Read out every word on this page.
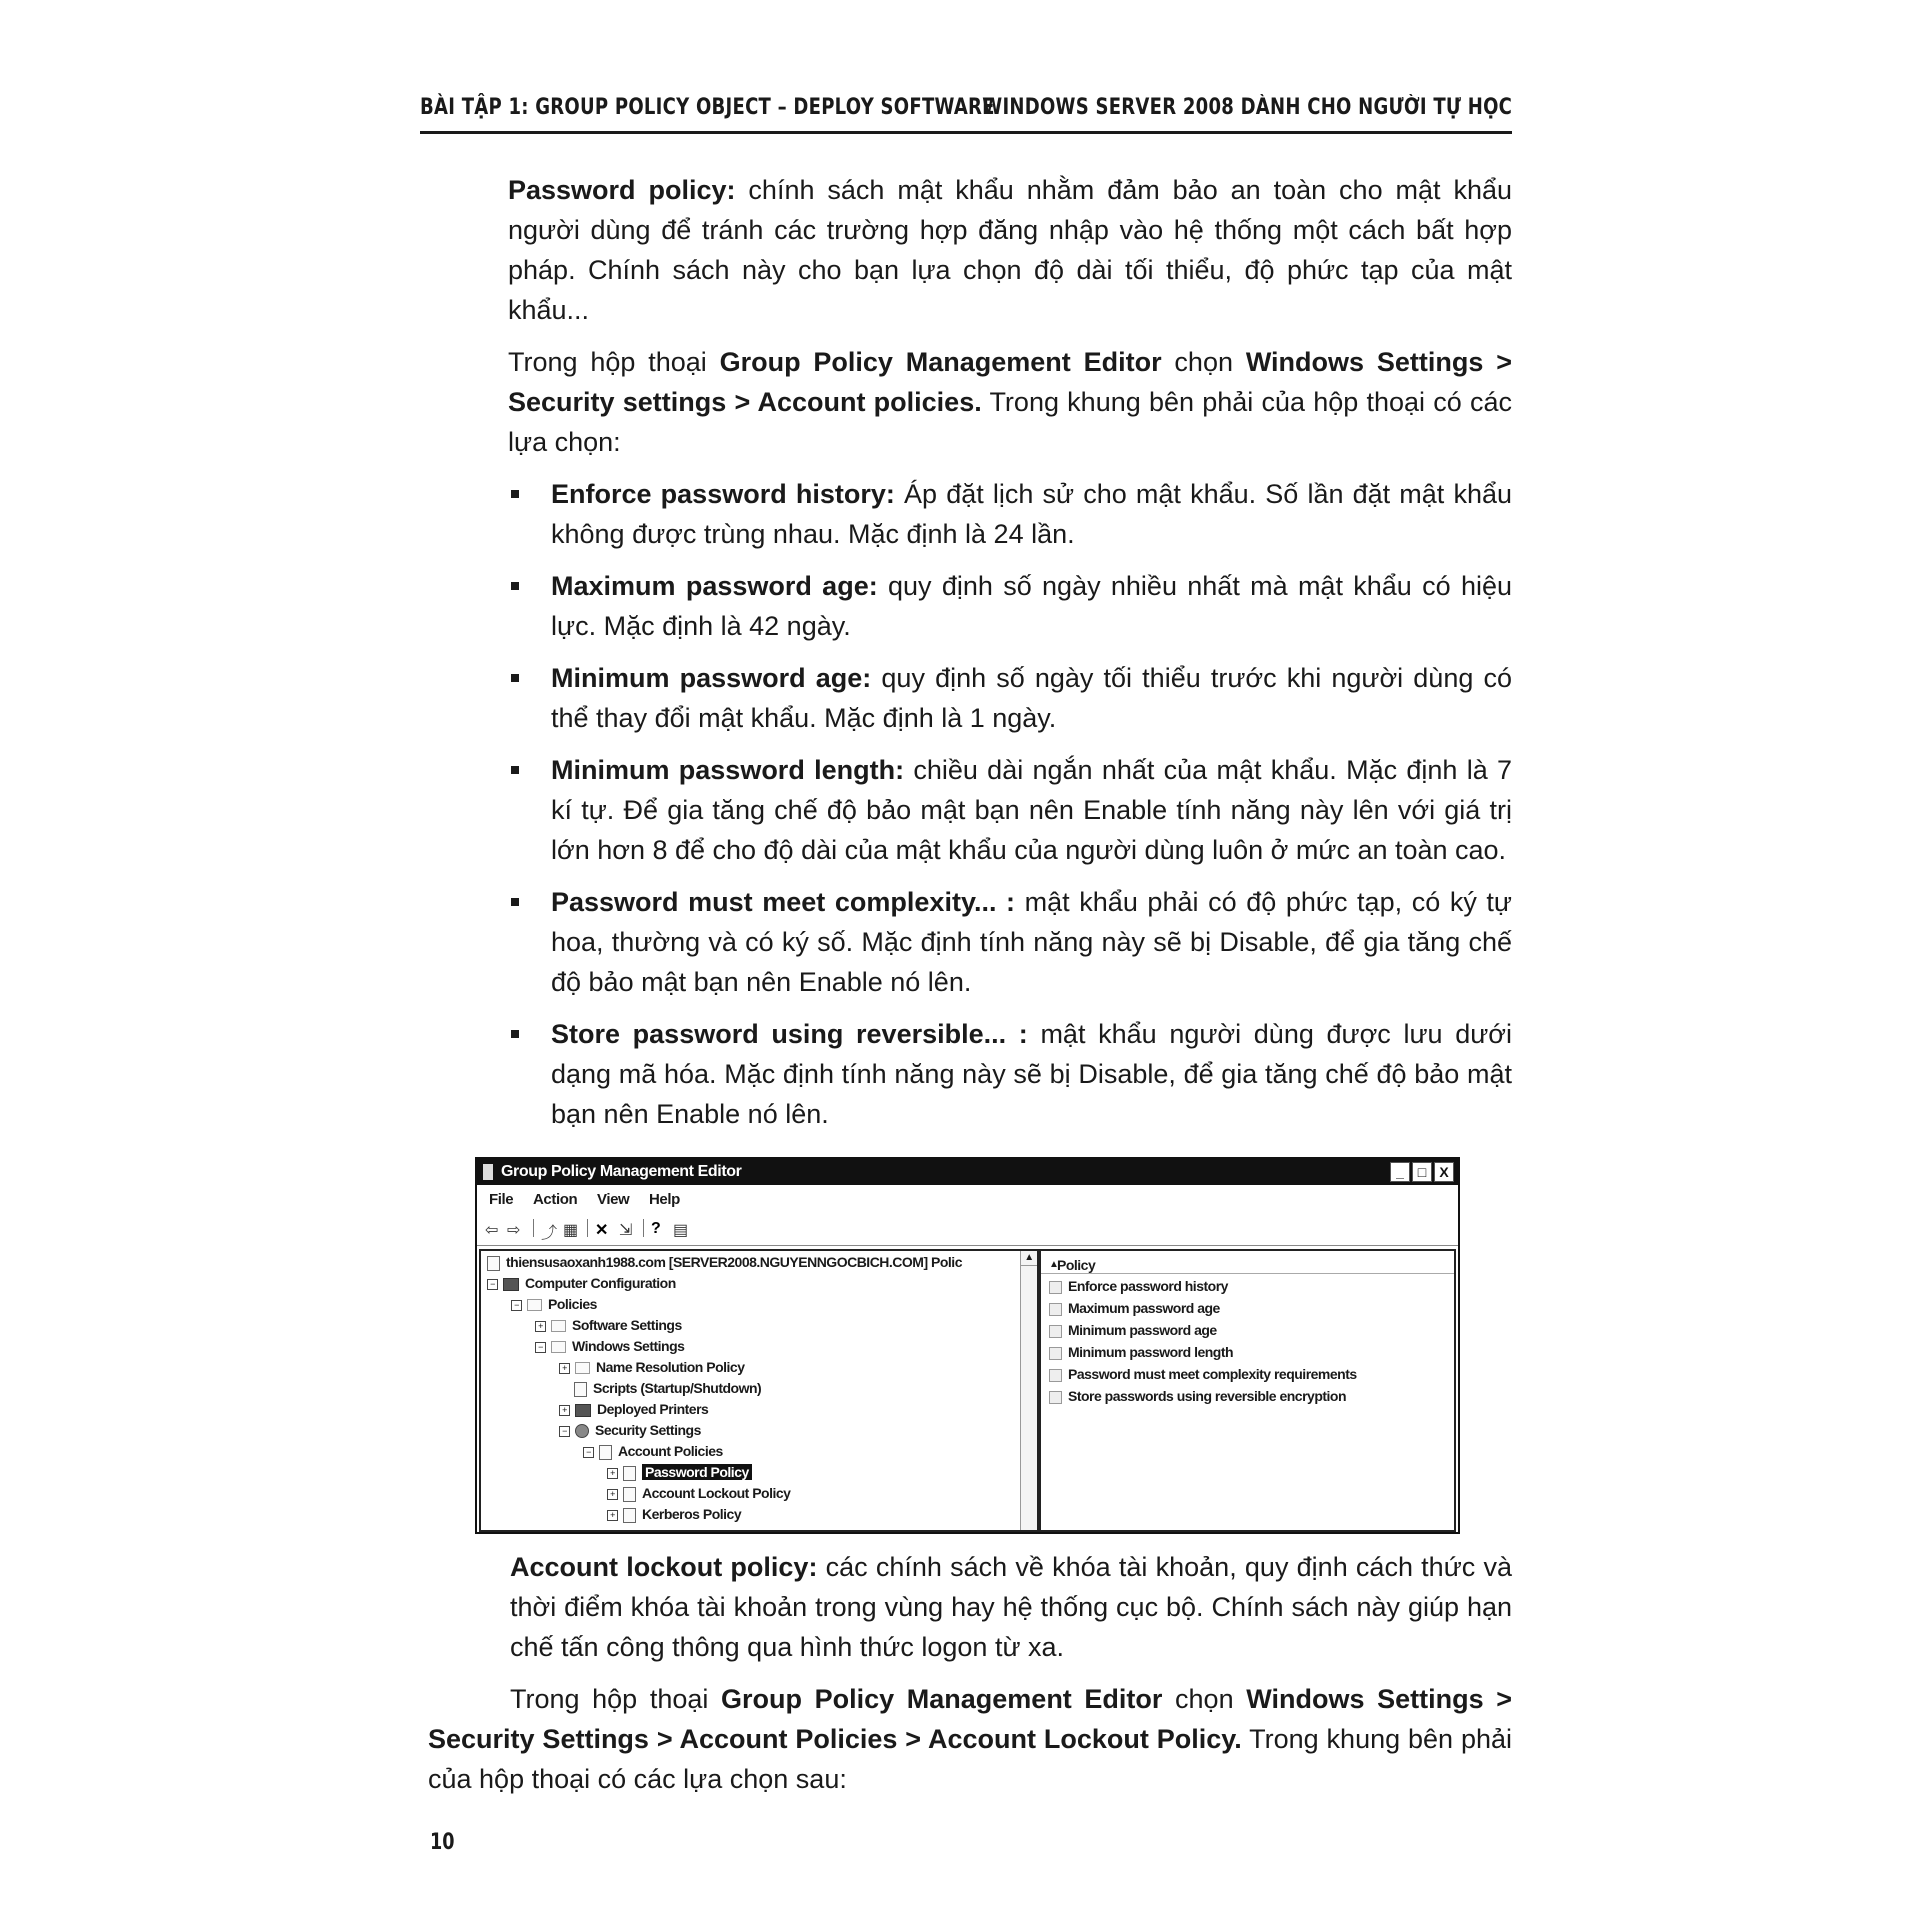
BÀI TẬP 1: GROUP POLICY OBJECT – DEPLOY SOFTWARE
WINDOWS SERVER 2008 DÀNH CHO NGƯỜI TỰ HỌC

Password policy: chính sách mật khẩu nhằm đảm bảo an toàn cho mật khẩu người dùng để tránh các trường hợp đăng nhập vào hệ thống một cách bất hợp pháp. Chính sách này cho bạn lựa chọn độ dài tối thiểu, độ phức tạp của mật khẩu...

Trong hộp thoại Group Policy Management Editor chọn Windows Settings > Security settings > Account policies. Trong khung bên phải của hộp thoại có các lựa chọn:

Enforce password history: Áp đặt lịch sử cho mật khẩu. Số lần đặt mật khẩu không được trùng nhau. Mặc định là 24 lần.
Maximum password age: quy định số ngày nhiều nhất mà mật khẩu có hiệu lực. Mặc định là 42 ngày.
Minimum password age: quy định số ngày tối thiểu trước khi người dùng có thể thay đổi mật khẩu. Mặc định là 1 ngày.
Minimum password length: chiều dài ngắn nhất của mật khẩu. Mặc định là 7 kí tự. Để gia tăng chế độ bảo mật bạn nên Enable tính năng này lên với giá trị lớn hơn 8 để cho độ dài của mật khẩu của người dùng luôn ở mức an toàn cao.
Password must meet complexity... : mật khẩu phải có độ phức tạp, có ký tự hoa, thường và có ký số. Mặc định tính năng này sẽ bị Disable, để gia tăng chế độ bảo mật bạn nên Enable nó lên.
Store password using reversible... : mật khẩu người dùng được lưu dưới dạng mã hóa. Mặc định tính năng này sẽ bị Disable, để gia tăng chế độ bảo mật bạn nên Enable nó lên.
Group Policy Management Editor	_ □ X
File Action View Help
⇦ ⇨ ⤴ ▦ ✕ ⇲ ? ▤
thiensusaoxanh1988.com [SERVER2008.NGUYENNGOCBICH.COM] Polic
− Computer Configuration
− Policies
+ Software Settings
− Windows Settings
+ Name Resolution Policy
Scripts (Startup/Shutdown)
+ Deployed Printers
− Security Settings
− Account Policies
+ Password Policy
+ Account Lockout Policy
+ Kerberos Policy
▲ Policy
▲
Enforce password history
Maximum password age
Minimum password age
Minimum password length
Password must meet complexity requirements
Store passwords using reversible encryption

Account lockout policy: các chính sách về khóa tài khoản, quy định cách thức và thời điểm khóa tài khoản trong vùng hay hệ thống cục bộ. Chính sách này giúp hạn chế tấn công thông qua hình thức logon từ xa.

Trong hộp thoại Group Policy Management Editor chọn Windows Settings > Security Settings > Account Policies > Account Lockout Policy. Trong khung bên phải của hộp thoại có các lựa chọn sau:

10
